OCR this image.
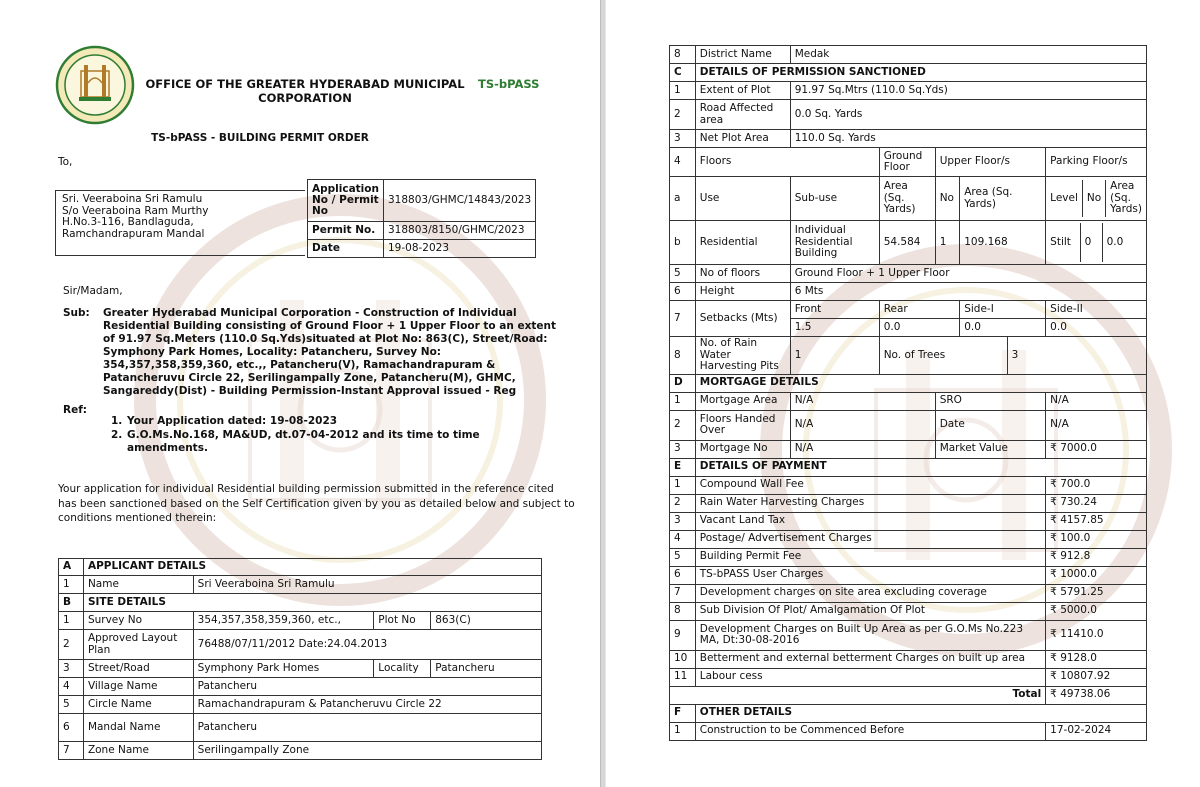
OFFICE OF THE GREATER HYDERABAD MUNICIPAL CORPORATION
TS-bPASS
TS-bPASS - BUILDING PERMIT ORDER
To,
Sri. Veeraboina Sri Ramulu
S/o Veeraboina Ram Murthy
H.No.3-116, Bandlaguda,
Ramchandrapuram Mandal
Application No / Permit No	318803/GHMC/14843/2023
Permit No.	318803/8150/GHMC/2023
Date	19-08-2023
Sir/Madam,
Sub: Greater Hyderabad Municipal Corporation - Construction of Individual
Residential Building consisting of Ground Floor + 1 Upper Floor to an extent
of 91.97 Sq.Meters (110.0 Sq.Yds)situated at Plot No: 863(C), Street/Road:
Symphony Park Homes, Locality: Patancheru, Survey No:
354,357,358,359,360, etc.,, Patancheru(V), Ramachandrapuram &
Patancheruvu Circle 22, Serilingampally Zone, Patancheru(M), GHMC,
Sangareddy(Dist) - Building Permission-Instant Approval issued - Reg
Ref:
1. Your Application dated: 19-08-2023
2. G.O.Ms.No.168, MA&UD, dt.07-04-2012 and its time to time
amendments.
Your application for individual Residential building permission submitted in the reference cited
has been sanctioned based on the Self Certification given by you as detailed below and subject to
conditions mentioned therein:
A	APPLICANT DETAILS			
1	Name	Sri Veeraboina Sri Ramulu		
B	SITE DETAILS			
1	Survey No	354,357,358,359,360, etc.,	Plot No	863(C)
2	Approved Layout Plan	76488/07/11/2012 Date:24.04.2013		
3	Street/Road	Symphony Park Homes	Locality	Patancheru
4	Village Name	Patancheru		
5	Circle Name	Ramachandrapuram & Patancheruvu Circle 22		
6	Mandal Name	Patancheru		
7	Zone Name	Serilingampally Zone		
8	District Name	Medak
C	DETAILS OF PERMISSION SANCTIONED
1	Extent of Plot	91.97 Sq.Mtrs (110.0 Sq.Yds)
2	Road Affected area	0.0 Sq. Yards
3	Net Plot Area	110.0 Sq. Yards
4	Floors	Ground Floor	Upper Floor/s	Parking Floor/s
a	Use	Sub-use	Area (Sq. Yards)	No	Area (Sq. Yards)		Level	No	Area (Sq. Yards)

b	Residential	Individual Residential Building	54.584	1	109.168		Stilt	0	0.0

5	No of floors	Ground Floor + 1 Upper Floor
6	Height	6 Mts
7	Setbacks (Mts)	Front	Rear	Side-I	Side-II
1.5	0.0	0.0	0.0
8	No. of Rain Water Harvesting Pits	1	No. of Trees	3
D	MORTGAGE DETAILS
1	Mortgage Area	N/A	SRO	N/A
2	Floors Handed Over	N/A	Date	N/A
3	Mortgage No	N/A	Market Value	₹ 7000.0
E	DETAILS OF PAYMENT
1	Compound Wall Fee	₹ 700.0
2	Rain Water Harvesting Charges	₹ 730.24
3	Vacant Land Tax	₹ 4157.85
4	Postage/ Advertisement Charges	₹ 100.0
5	Building Permit Fee	₹ 912.8
6	TS-bPASS User Charges	₹ 1000.0
7	Development charges on site area excluding coverage	₹ 5791.25
8	Sub Division Of Plot/ Amalgamation Of Plot	₹ 5000.0
9	Development Charges on Built Up Area as per G.O.Ms No.223 MA, Dt:30-08-2016	₹ 11410.0
10	Betterment and external betterment Charges on built up area	₹ 9128.0
11	Labour cess	₹ 10807.92
Total	₹ 49738.06
F	OTHER DETAILS
1	Construction to be Commenced Before	17-02-2024
